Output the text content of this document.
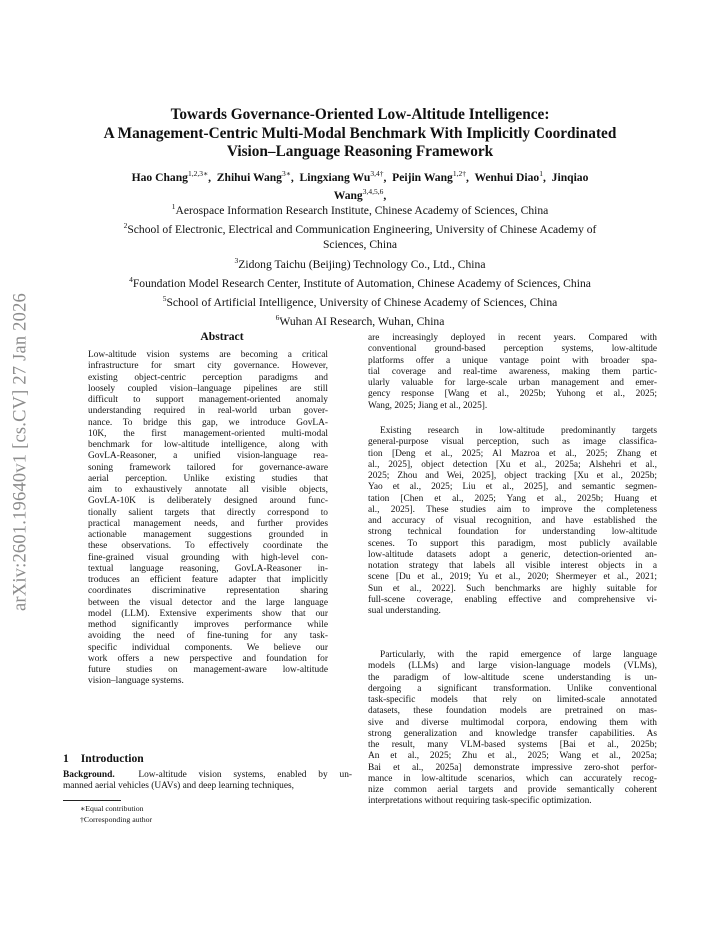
arXiv:2601.19640v1 [cs.CV] 27 Jan 2026
Towards Governance-Oriented Low-Altitude Intelligence:
A Management-Centric Multi-Modal Benchmark With Implicitly Coordinated
Vision–Language Reasoning Framework
Hao Chang$^{1,2,3∗}$,  Zhihui Wang$^{3∗}$,  Lingxiang $Wu^{3,4\dagger}$,  Peijin Wang$^{1,2\dagger}$,  Wenhui Diao$^1$,  Jinqiao
Wang$^{3,4,5,6}$,
$^1$Aerospace Information Research Institute, Chinese Academy of Sciences, China
$^2$School of Electronic, Electrical and Communication Engineering, University of Chinese Academy of
Sciences, China
$^3$Zidong Taichu (Beijing) Technology Co., Ltd., China
$^4$Foundation Model Research Center, Institute of Automation, Chinese Academy of Sciences, China
$^5$School of Artificial Intelligence, University of Chinese Academy of Sciences, China
$^6$Wuhan AI Research, Wuhan, China
Abstract
Low-altitude vision systems are becoming a critical
infrastructure for smart city governance. However,
existing object-centric perception paradigms and
loosely coupled vision–language pipelines are still
difficult to support management-oriented anomaly
understanding required in real-world urban gover-
nance. To bridge this gap, we introduce GovLA-
10K, the first management-oriented multi-modal
benchmark for low-altitude intelligence, along with
GovLA-Reasoner, a unified vision-language rea-
soning framework tailored for governance-aware
aerial perception. Unlike existing studies that
aim to exhaustively annotate all visible objects,
GovLA-10K is deliberately designed around func-
tionally salient targets that directly correspond to
practical management needs, and further provides
actionable management suggestions grounded in
these observations. To effectively coordinate the
fine-grained visual grounding with high-level con-
textual language reasoning, GovLA-Reasoner in-
troduces an efficient feature adapter that implicitly
coordinates discriminative representation sharing
between the visual detector and the large language
model (LLM). Extensive experiments show that our
method significantly improves performance while
avoiding the need of fine-tuning for any task-
specific individual components. We believe our
work offers a new perspective and foundation for
future studies on management-aware low-altitude
vision–language systems.
1 Introduction
Background.	Low-altitude vision systems, enabled by un-
manned aerial vehicles (UAVs) and deep learning techniques,
∗Equal contribution
†Corresponding author
are increasingly deployed in recent years. Compared with
conventional ground-based perception systems, low-altitude
platforms offer a unique vantage point with broader spa-
tial coverage and real-time awareness, making them partic-
ularly valuable for large-scale urban management and emer-
gency response [Wang et al., 2025b; Yuhong et al., 2025;
Wang, 2025; Jiang et al., 2025].
Existing research in low-altitude predominantly targets
general-purpose visual perception, such as image classifica-
tion [Deng et al., 2025; Al Mazroa et al., 2025; Zhang et
al., 2025], object detection [Xu et al., 2025a; Alshehri et al.,
2025; Zhou and Wei, 2025], object tracking [Xu et al., 2025b;
Yao et al., 2025; Liu et al., 2025], and semantic segmen-
tation [Chen et al., 2025; Yang et al., 2025b; Huang et
al., 2025]. These studies aim to improve the completeness
and accuracy of visual recognition, and have established the
strong technical foundation for understanding low-altitude
scenes. To support this paradigm, most publicly available
low-altitude datasets adopt a generic, detection-oriented an-
notation strategy that labels all visible interest objects in a
scene [Du et al., 2019; Yu et al., 2020; Shermeyer et al., 2021;
Sun et al., 2022]. Such benchmarks are highly suitable for
full-scene coverage, enabling effective and comprehensive vi-
sual understanding.
Particularly, with the rapid emergence of large language
models (LLMs) and large vision-language models (VLMs),
the paradigm of low-altitude scene understanding is un-
dergoing a significant transformation. Unlike conventional
task-specific models that rely on limited-scale annotated
datasets, these foundation models are pretrained on mas-
sive and diverse multimodal corpora, endowing them with
strong generalization and knowledge transfer capabilities. As
the result, many VLM-based systems [Bai et al., 2025b;
An et al., 2025; Zhu et al., 2025; Wang et al., 2025a;
Bai et al., 2025a] demonstrate impressive zero-shot perfor-
mance in low-altitude scenarios, which can accurately recog-
nize common aerial targets and provide semantically coherent
interpretations without requiring task-specific optimization.
